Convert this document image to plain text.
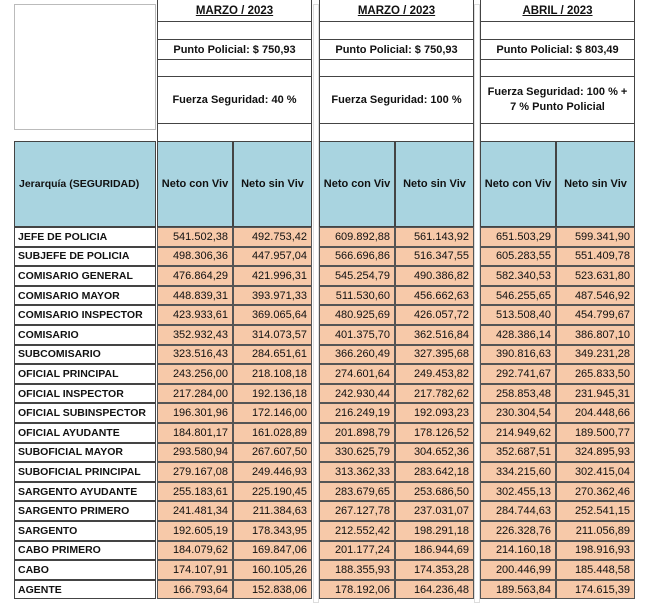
MARZO / 2023
Punto Policial: $ 750,93
Fuerza Seguridad: 40 %
MARZO / 2023
Punto Policial: $ 750,93
Fuerza Seguridad: 100 %
ABRIL / 2023
Punto Policial: $ 803,49
Fuerza Seguridad: 100 % + 7 % Punto Policial
Jerarquía (SEGURIDAD)	Neto con Viv	Neto sin Viv	Neto con Viv	Neto sin Viv	Neto con Viv	Neto sin Viv
JEFE DE POLICIA	541.502,38	492.753,42	609.892,88	561.143,92	651.503,29	599.341,90
SUBJEFE DE POLICIA	498.306,36	447.957,04	566.696,86	516.347,55	605.283,55	551.409,78
COMISARIO GENERAL	476.864,29	421.996,31	545.254,79	490.386,82	582.340,53	523.631,80
COMISARIO MAYOR	448.839,31	393.971,33	511.530,60	456.662,63	546.255,65	487.546,92
COMISARIO INSPECTOR	423.933,61	369.065,64	480.925,69	426.057,72	513.508,40	454.799,67
COMISARIO	352.932,43	314.073,57	401.375,70	362.516,84	428.386,14	386.807,10
SUBCOMISARIO	323.516,43	284.651,61	366.260,49	327.395,68	390.816,63	349.231,28
OFICIAL PRINCIPAL	243.256,00	218.108,18	274.601,64	249.453,82	292.741,67	265.833,50
OFICIAL INSPECTOR	217.284,00	192.136,18	242.930,44	217.782,62	258.853,48	231.945,31
OFICIAL SUBINSPECTOR	196.301,96	172.146,00	216.249,19	192.093,23	230.304,54	204.448,66
OFICIAL AYUDANTE	184.801,17	161.028,89	201.898,79	178.126,52	214.949,62	189.500,77
SUBOFICIAL MAYOR	293.580,94	267.607,50	330.625,79	304.652,36	352.687,51	324.895,93
SUBOFICIAL PRINCIPAL	279.167,08	249.446,93	313.362,33	283.642,18	334.215,60	302.415,04
SARGENTO AYUDANTE	255.183,61	225.190,45	283.679,65	253.686,50	302.455,13	270.362,46
SARGENTO PRIMERO	241.481,34	211.384,63	267.127,78	237.031,07	284.744,63	252.541,15
SARGENTO	192.605,19	178.343,95	212.552,42	198.291,18	226.328,76	211.056,89
CABO PRIMERO	184.079,62	169.847,06	201.177,24	186.944,69	214.160,18	198.916,93
CABO	174.107,91	160.105,26	188.355,93	174.353,28	200.446,99	185.448,58
AGENTE	166.793,64	152.838,06	178.192,06	164.236,48	189.563,84	174.615,39
